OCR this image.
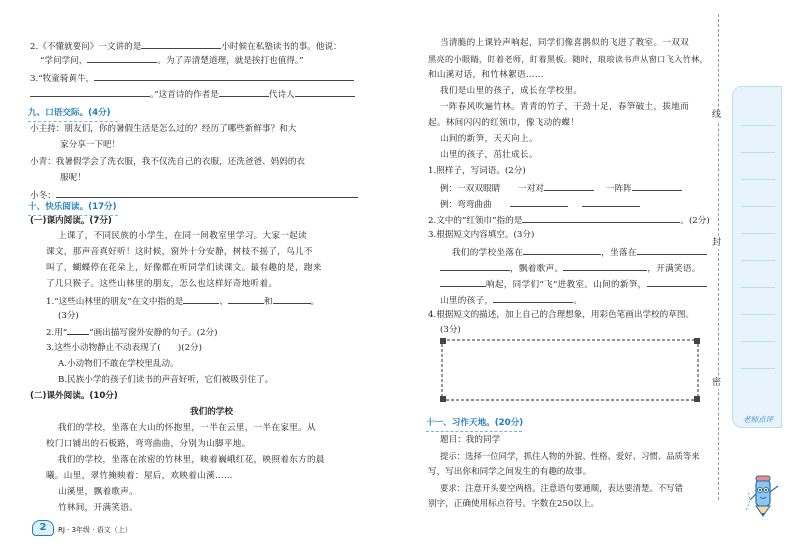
2.《不懂就要问》一文讲的是	小时候在私塾读书的事。他说：
“学问学问，	。为了弄清楚道理，就是挨打也值得。”
3.“牧童骑黄牛，
。”这首诗的作者是	代诗人
九、口语交际。(4分)
小主持：朋友们，你的暑假生活是怎么过的？经历了哪些新鲜事？和大
家分享一下吧！
小青：我暑假学会了洗衣服，我不仅洗自己的衣服，还洗爸爸、妈妈的衣
服呢！
小冬：
十、快乐阅读。(17分)
(一)课内阅读。(7分)
上课了，不同民族的小学生，在同一间教室里学习。大家一起读
课文，那声音真好听！这时候，窗外十分安静，树枝不摇了，鸟儿不
叫了，蝴蝶停在花朵上，好像都在听同学们读课文。最有趣的是，跑来
了几只猴子。这些山林里的朋友，怎么也这样好奇地听着。
1.“这些山林里的朋友”在文中指的是	、	和	。
(3分)
2.用“	”画出描写窗外安静的句子。(2分)
3.这些小动物静止不动表现了(　　)(2分)
A.小动物们不敢在学校里乱动。
B.民族小学的孩子们读书的声音好听，它们被吸引住了。
(二)课外阅读。(10分)
我们的学校
我们的学校，坐落在大山的怀抱里，一半在云里，一半在家里。从
校门口铺出的石板路，弯弯曲曲，分别为山脚平地。
我们的学校，坐落在浓密的竹林里，映着巍峨红花，映照着东方的晨
曦。山里，翠竹掩映着：屋后，欢映着山溪……
山溪里，飘着歌声。
竹林间，开满笑语。
2	RJ · 3年级 · 语文（上）
当清脆的上课铃声响起，同学们像喜鹊似的飞进了教室。一双双
黑亮的小眼睛，盯着老师，盯着黑板。随时，琅琅读书声从窗口飞入竹林，
和山溪对话，和竹林絮语……
我们是山里的孩子，成长在学校里。
一阵春风吹遍竹林。青青的竹子，干劲十足，春笋破土，拔地而
起。林间闪闪的红领巾，像飞动的蝶！
山间的新笋，天天向上。
山里的孩子，茁壮成长。
1.照样子，写词语。(2分)
例：一双双眼睛 一对对	一阵阵
例：弯弯曲曲
2.文中的“红领巾”指的是	。(2分)
3.根据短文内容填空。(3分)
我们的学校坐落在	，坐落在
，飘着歌声。	，开满笑语。
响起，同学们“飞”进教室。山间的新笋，
山里的孩子，	。
4.根据短文的描述，加上自己的合理想象，用彩色笔画出学校的草图。
(3分)
十一、习作天地。(20分)
题目：我的同学
提示：选择一位同学，抓住人物的外貌、性格、爱好、习惯、品质等来
写，写出你和同学之间发生的有趣的故事。
要求：注意开头要空两格。注意语句要通顺，表达要清楚。不写错
别字，正确使用标点符号。字数在250以上。
线
封
密
老师点评
